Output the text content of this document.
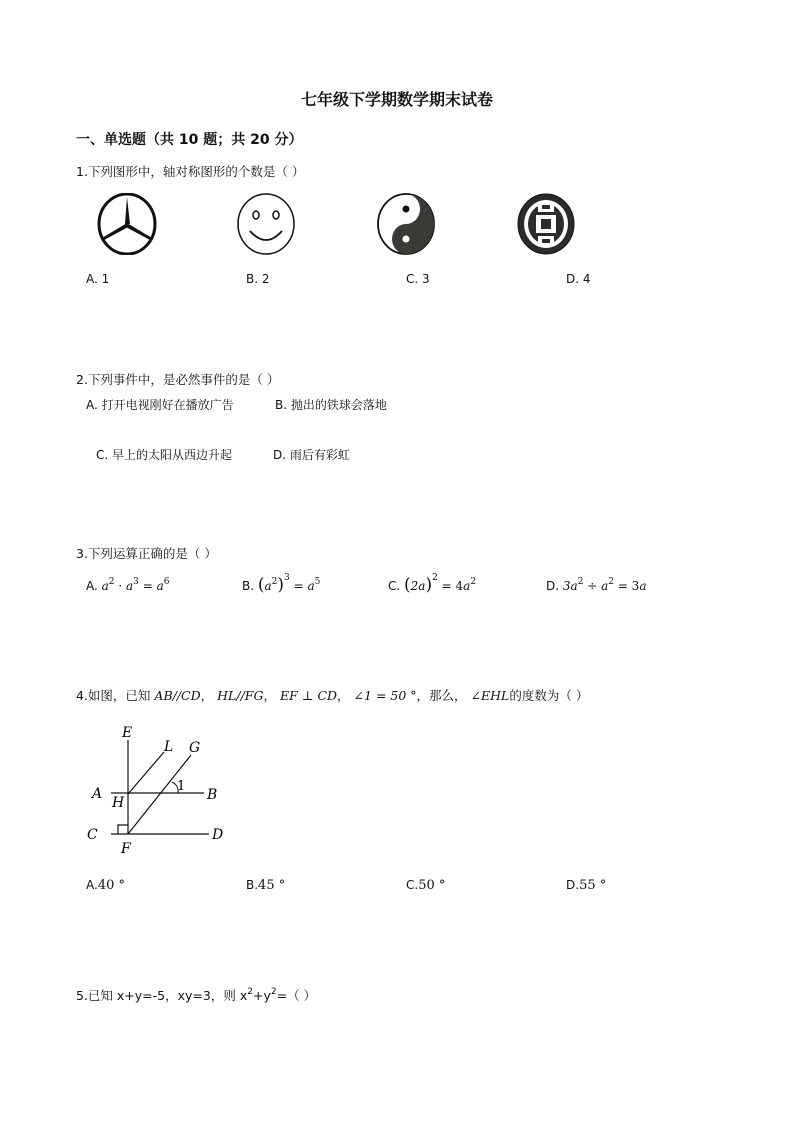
七年级下学期数学期末试卷
一、单选题（共 10 题；共 20 分）
1.下列图形中，轴对称图形的个数是（ ）
A. 1	B. 2	C. 3	D. 4
2.下列事件中，是必然事件的是（ ）
A. 打开电视刚好在播放广告	B. 抛出的铁球会落地
C. 早上的太阳从西边升起	D. 雨后有彩虹
3.下列运算正确的是（ ）
A. $a^2 \cdot a^3 = a^6$	B. $(a^2)^3 = a^5$	C. $(2a)^2 = 4a^2$	D. $3a^2 \div a^2 = 3a$
4.如图，已知 AB//CD， HL//FG， EF ⊥ CD， ∠1 = 50 °，那么， ∠EHL的度数为（ ）
E
L G
1
A	B
H
C	D
F
A.40 °	B.45 °	C.50 °	D.55 °
5.已知 x+y=-5，xy=3，则 $x^2+y^2=$（ ）
